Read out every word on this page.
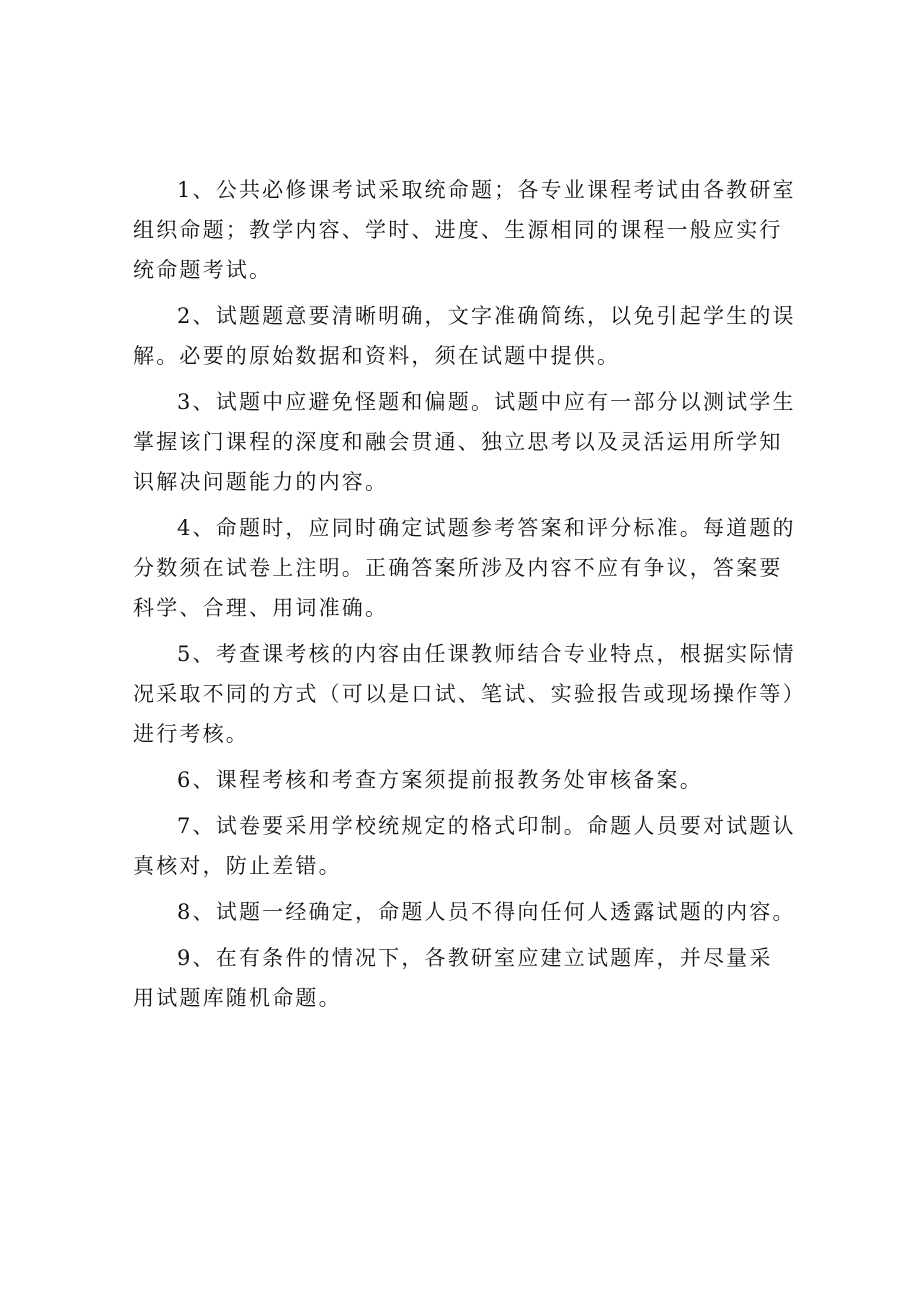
1、公共必修课考试采取统命题；各专业课程考试由各教研室组织命题；教学内容、学时、进度、生源相同的课程一般应实行统命题考试。

2、试题题意要清晰明确，文字准确简练，以免引起学生的误解。必要的原始数据和资料，须在试题中提供。

3、试题中应避免怪题和偏题。试题中应有一部分以测试学生掌握该门课程的深度和融会贯通、独立思考以及灵活运用所学知识解决问题能力的内容。

4、命题时，应同时确定试题参考答案和评分标准。每道题的分数须在试卷上注明。正确答案所涉及内容不应有争议，答案要科学、合理、用词准确。

5、考查课考核的内容由任课教师结合专业特点，根据实际情况采取不同的方式（可以是口试、笔试、实验报告或现场操作等）进行考核。

6、课程考核和考查方案须提前报教务处审核备案。

7、试卷要采用学校统规定的格式印制。命题人员要对试题认真核对，防止差错。

8、试题一经确定，命题人员不得向任何人透露试题的内容。

9、在有条件的情况下，各教研室应建立试题库，并尽量采用试题库随机命题。
